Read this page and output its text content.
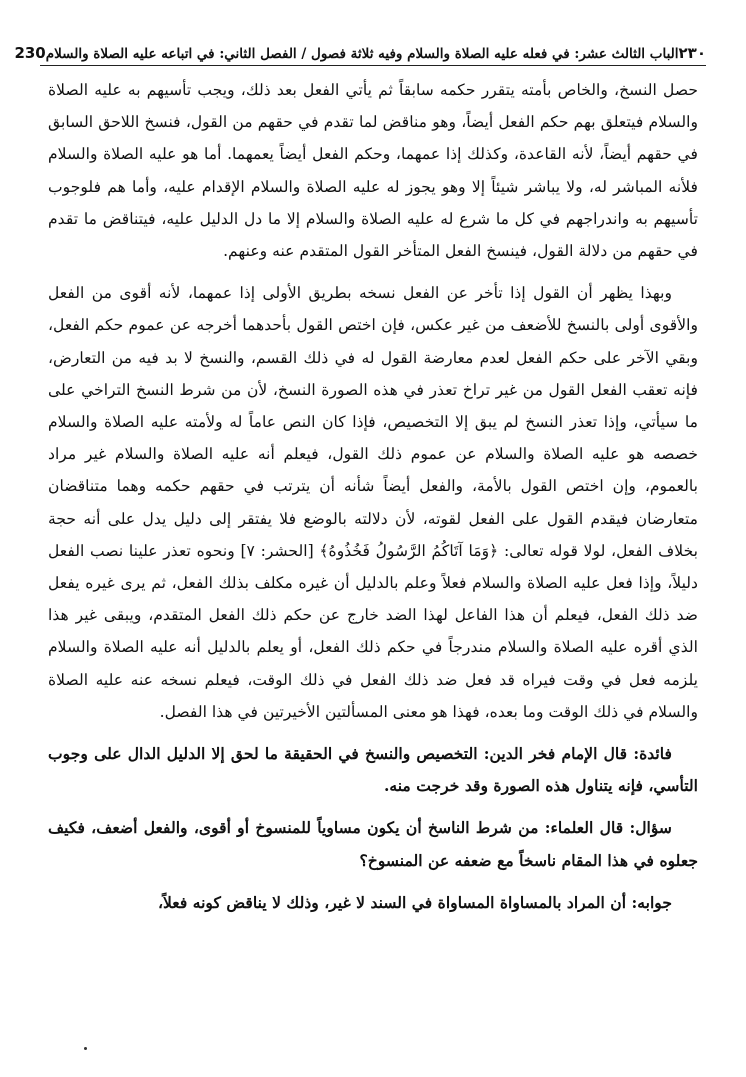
٢٣٠
الباب الثالث عشر: في فعله عليه الصلاة والسلام وفيه ثلاثة فصول / الفصل الثاني: في اتباعه عليه الصلاة والسلام
230

حصل النسخ، والخاص بأمته يتقرر حكمه سابقاً ثم يأتي الفعل بعد ذلك، ويجب تأسيهم به عليه الصلاة والسلام فيتعلق بهم حكم الفعل أيضاً، وهو مناقض لما تقدم في حقهم من القول، فنسخ اللاحق السابق في حقهم أيضاً، لأنه القاعدة، وكذلك إذا عمهما، وحكم الفعل أيضاً يعمهما. أما هو عليه الصلاة والسلام فلأنه المباشر له، ولا يباشر شيئاً إلا وهو يجوز له عليه الصلاة والسلام الإقدام عليه، وأما هم فلوجوب تأسيهم به واندراجهم في كل ما شرع له عليه الصلاة والسلام إلا ما دل الدليل عليه، فيتناقض ما تقدم في حقهم من دلالة القول، فينسخ الفعل المتأخر القول المتقدم عنه وعنهم.

وبهذا يظهر أن القول إذا تأخر عن الفعل نسخه بطريق الأولى إذا عمهما، لأنه أقوى من الفعل والأقوى أولى بالنسخ للأضعف من غير عكس، فإن اختص القول بأحدهما أخرجه عن عموم حكم الفعل، وبقي الآخر على حكم الفعل لعدم معارضة القول له في ذلك القسم، والنسخ لا بد فيه من التعارض، فإنه تعقب الفعل القول من غير تراخ تعذر في هذه الصورة النسخ، لأن من شرط النسخ التراخي على ما سيأتي، وإذا تعذر النسخ لم يبق إلا التخصيص، فإذا كان النص عاماً له ولأمته عليه الصلاة والسلام خصصه هو عليه الصلاة والسلام عن عموم ذلك القول، فيعلم أنه عليه الصلاة والسلام غير مراد بالعموم، وإن اختص القول بالأمة، والفعل أيضاً شأنه أن يترتب في حقهم حكمه وهما متناقضان متعارضان فيقدم القول على الفعل لقوته، لأن دلالته بالوضع فلا يفتقر إلى دليل يدل على أنه حجة بخلاف الفعل، لولا قوله تعالى: ﴿وَمَا آتَاكُمُ الرَّسُولُ فَخُذُوهُ﴾ [الحشر: ٧] ونحوه تعذر علينا نصب الفعل دليلاً، وإذا فعل عليه الصلاة والسلام فعلاً وعلم بالدليل أن غيره مكلف بذلك الفعل، ثم يرى غيره يفعل ضد ذلك الفعل، فيعلم أن هذا الفاعل لهذا الضد خارج عن حكم ذلك الفعل المتقدم، ويبقى غير هذا الذي أقره عليه الصلاة والسلام مندرجاً في حكم ذلك الفعل، أو يعلم بالدليل أنه عليه الصلاة والسلام يلزمه فعل في وقت فيراه قد فعل ضد ذلك الفعل في ذلك الوقت، فيعلم نسخه عنه عليه الصلاة والسلام في ذلك الوقت وما بعده، فهذا هو معنى المسألتين الأخيرتين في هذا الفصل.

فائدة: قال الإمام فخر الدين: التخصيص والنسخ في الحقيقة ما لحق إلا الدليل الدال على وجوب التأسي، فإنه يتناول هذه الصورة وقد خرجت منه.

سؤال: قال العلماء: من شرط الناسخ أن يكون مساوياً للمنسوخ أو أقوى، والفعل أضعف، فكيف جعلوه في هذا المقام ناسخاً مع ضعفه عن المنسوخ؟

جوابه: أن المراد بالمساواة المساواة في السند لا غير، وذلك لا يناقض كونه فعلاً،
